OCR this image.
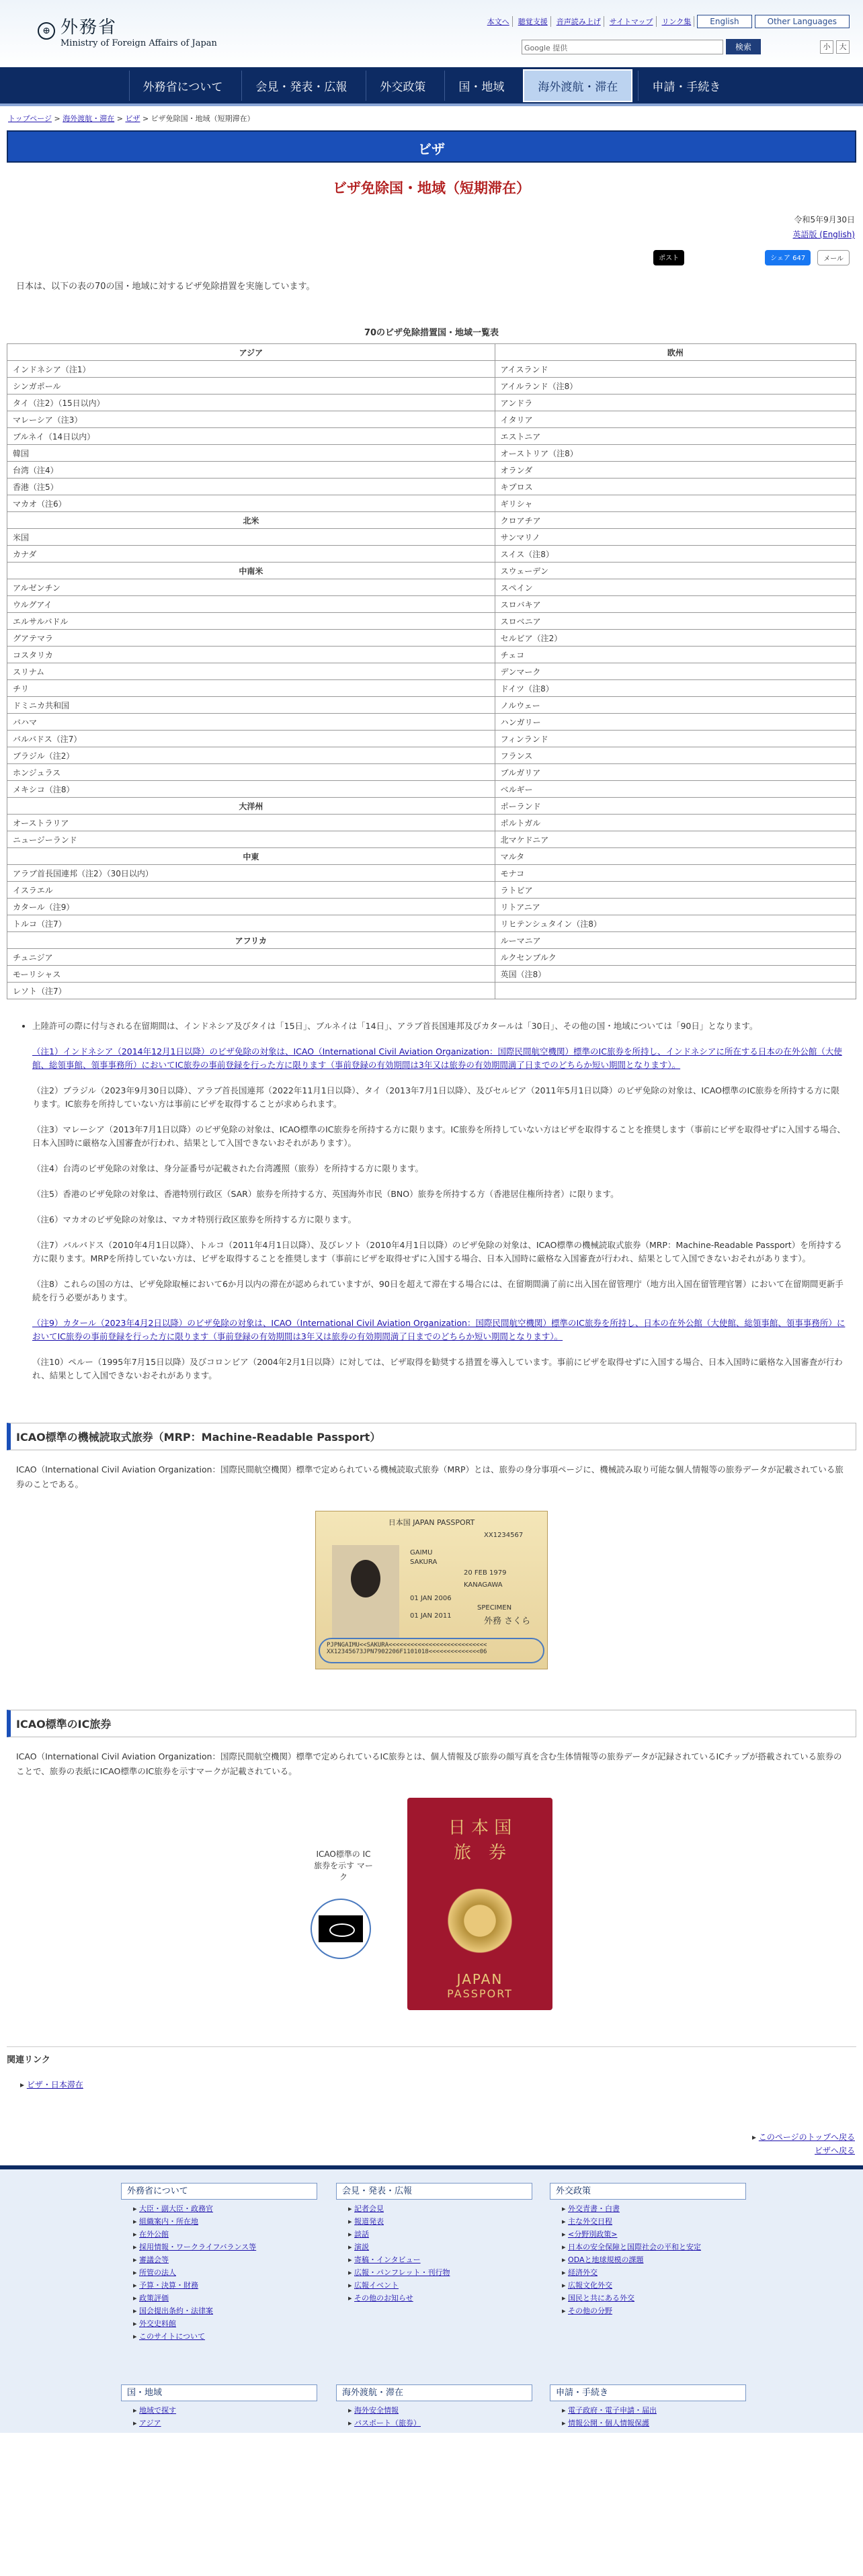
⊕ 外務省
Ministry of Foreign Affairs of Japan
本文へ	聴覚支援	音声読み上げ	サイトマップ	リンク集	English	Other Languages
Google 提供	検索	小	大
外務省について	会見・発表・広報	外交政策	国・地域	海外渡航・滞在	申請・手続き
トップページ > 海外渡航・滞在 > ビザ > ビザ免除国・地域（短期滞在）
ビザ
ビザ免除国・地域（短期滞在）
令和5年9月30日
英語版 (English)
ポスト	シェア 647	メール
日本は、以下の表の70の国・地域に対するビザ免除措置を実施しています。
70のビザ免除措置国・地域一覧表
アジア	欧州
インドネシア（注1）	アイスランド
シンガポール	アイルランド（注8）
タイ（注2）（15日以内）	アンドラ
マレーシア（注3）	イタリア
ブルネイ（14日以内）	エストニア
韓国	オーストリア（注8）
台湾（注4）	オランダ
香港（注5）	キプロス
マカオ（注6）	ギリシャ
北米	クロアチア
米国	サンマリノ
カナダ	スイス（注8）
中南米	スウェーデン
アルゼンチン	スペイン
ウルグアイ	スロバキア
エルサルバドル	スロベニア
グアテマラ	セルビア（注2）
コスタリカ	チェコ
スリナム	デンマーク
チリ	ドイツ（注8）
ドミニカ共和国	ノルウェー
バハマ	ハンガリー
バルバドス（注7）	フィンランド
ブラジル（注2）	フランス
ホンジュラス	ブルガリア
メキシコ（注8）	ベルギー
大洋州	ポーランド
オーストラリア	ポルトガル
ニュージーランド	北マケドニア
中東	マルタ
アラブ首長国連邦（注2）（30日以内）	モナコ
イスラエル	ラトビア
カタール（注9）	リトアニア
トルコ（注7）	リヒテンシュタイン（注8）
アフリカ	ルーマニア
チュニジア	ルクセンブルク
モーリシャス	英国（注8）
レソト（注7）	
• 上陸許可の際に付与される在留期間は、インドネシア及びタイは「15日」、ブルネイは「14日」、アラブ首長国連邦及びカタールは「30日」、その他の国・地域については「90日」となります。

（注1）インドネシア（2014年12月1日以降）のビザ免除の対象は、ICAO（International Civil Aviation Organization：国際民間航空機関）標準のIC旅券を所持し、インドネシアに所在する日本の在外公館（大使館、総領事館、領事事務所）においてIC旅券の事前登録を行った方に限ります（事前登録の有効期間は3年又は旅券の有効期間満了日までのどちらか短い期間となります）。

（注2）ブラジル（2023年9月30日以降）、アラブ首長国連邦（2022年11月1日以降）、タイ（2013年7月1日以降）、及びセルビア（2011年5月1日以降）のビザ免除の対象は、ICAO標準のIC旅券を所持する方に限ります。IC旅券を所持していない方は事前にビザを取得することが求められます。

（注3）マレーシア（2013年7月1日以降）のビザ免除の対象は、ICAO標準のIC旅券を所持する方に限ります。IC旅券を所持していない方はビザを取得することを推奨します（事前にビザを取得せずに入国する場合、日本入国時に厳格な入国審査が行われ、結果として入国できないおそれがあります）。

（注4）台湾のビザ免除の対象は、身分証番号が記載された台湾護照（旅券）を所持する方に限ります。

（注5）香港のビザ免除の対象は、香港特別行政区（SAR）旅券を所持する方、英国海外市民（BNO）旅券を所持する方（香港居住権所持者）に限ります。

（注6）マカオのビザ免除の対象は、マカオ特別行政区旅券を所持する方に限ります。

（注7）バルバドス（2010年4月1日以降）、トルコ（2011年4月1日以降）、及びレソト（2010年4月1日以降）のビザ免除の対象は、ICAO標準の機械読取式旅券（MRP：Machine-Readable Passport）を所持する方に限ります。MRPを所持していない方は、ビザを取得することを推奨します（事前にビザを取得せずに入国する場合、日本入国時に厳格な入国審査が行われ、結果として入国できないおそれがあります）。

（注8）これらの国の方は、ビザ免除取極において6か月以内の滞在が認められていますが、90日を超えて滞在する場合には、在留期間満了前に出入国在留管理庁（地方出入国在留管理官署）において在留期間更新手続を行う必要があります。

（注9）カタール（2023年4月2日以降）のビザ免除の対象は、ICAO（International Civil Aviation Organization：国際民間航空機関）標準のIC旅券を所持し、日本の在外公館（大使館、総領事館、領事事務所）においてIC旅券の事前登録を行った方に限ります（事前登録の有効期間は3年又は旅券の有効期間満了日までのどちらか短い期間となります）。

（注10）ペルー（1995年7月15日以降）及びコロンビア（2004年2月1日以降）に対しては、ビザ取得を勧奨する措置を導入しています。事前にビザを取得せずに入国する場合、日本入国時に厳格な入国審査が行われ、結果として入国できないおそれがあります。

ICAO標準の機械読取式旅券（MRP：Machine-Readable Passport）
ICAO（International Civil Aviation Organization：国際民間航空機関）標準で定められている機械読取式旅券（MRP）とは、旅券の身分事項ページに、機械読み取り可能な個人情報等の旅券データが記載されている旅券のことである。
日本国 JAPAN PASSPORT
XX1234567
GAIMU
SAKURA
20 FEB 1979
KANAGAWA
01 JAN 2006
SPECIMEN
01 JAN 2011
外務 さくら
PJPNGAIMU<<SAKURA<<<<<<<<<<<<<<<<<<<<<<<<<<<
XX12345673JPN7902206F1101018<<<<<<<<<<<<<<06
ICAO標準のIC旅券
ICAO（International Civil Aviation Organization：国際民間航空機関）標準で定められているIC旅券とは、個人情報及び旅券の顔写真を含む生体情報等の旅券データが記録されているICチップが搭載されている旅券のことで、旅券の表紙にICAO標準のIC旅券を示すマークが記載されている。
ICAO標準の IC旅券を示す マーク
日 本 国
旅　券
JAPAN
PASSPORT
関連リンク
▸ ビザ・日本滞在
▸ このページのトップへ戻る
ビザへ戻る
外務省について
▸ 大臣・副大臣・政務官
▸ 組織案内・所在地
▸ 在外公館
▸ 採用情報・ワークライフバランス等
▸ 審議会等
▸ 所管の法人
▸ 予算・決算・財務
▸ 政策評価
▸ 国会提出条約・法律案
▸ 外交史料館
▸ このサイトについて
会見・発表・広報
▸ 記者会見
▸ 報道発表
▸ 談話
▸ 演説
▸ 寄稿・インタビュー
▸ 広報・パンフレット・刊行物
▸ 広報イベント
▸ その他のお知らせ
外交政策
▸ 外交青書・白書
▸ 主な外交日程
▸ <分野別政策>
▸ 日本の安全保障と国際社会の平和と安定
▸ ODAと地球規模の課題
▸ 経済外交
▸ 広報文化外交
▸ 国民と共にある外交
▸ その他の分野
国・地域
▸ 地域で探す
▸ アジア
海外渡航・滞在
▸ 海外安全情報
▸ パスポート（旅券）
申請・手続き
▸ 電子政府・電子申請・届出
▸ 情報公開・個人情報保護
